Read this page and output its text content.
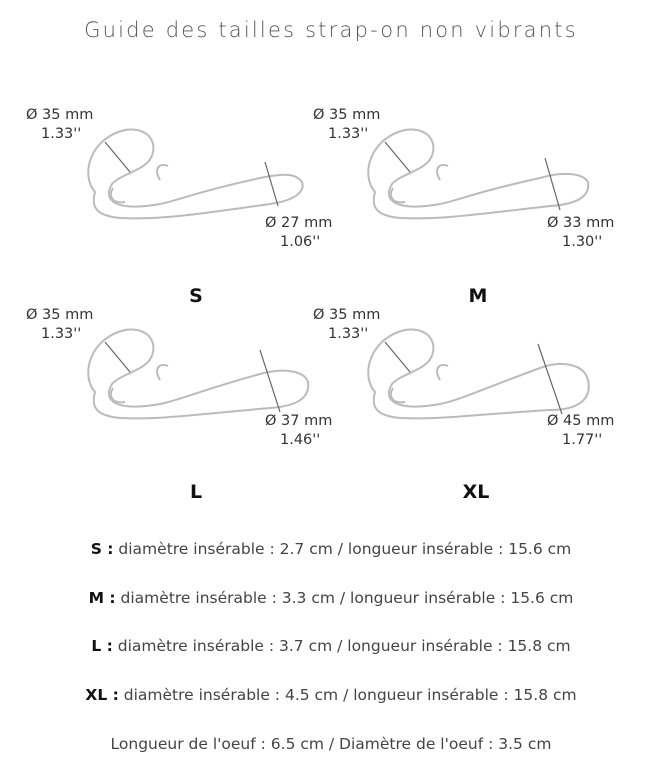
Guide des tailles strap-on non vibrants
Ø 35 mm
1.33''
Ø 27 mm
1.06''
S
Ø 35 mm
1.33''
Ø 33 mm
1.30''
M
Ø 35 mm
1.33''
Ø 37 mm
1.46''
L
Ø 35 mm
1.33''
Ø 45 mm
1.77''
XL
S : diamètre insérable : 2.7 cm / longueur insérable : 15.6 cm
M : diamètre insérable : 3.3 cm / longueur insérable : 15.6 cm
L : diamètre insérable : 3.7 cm / longueur insérable : 15.8 cm
XL : diamètre insérable : 4.5 cm / longueur insérable : 15.8 cm
Longueur de l'oeuf : 6.5 cm / Diamètre de l'oeuf : 3.5 cm
